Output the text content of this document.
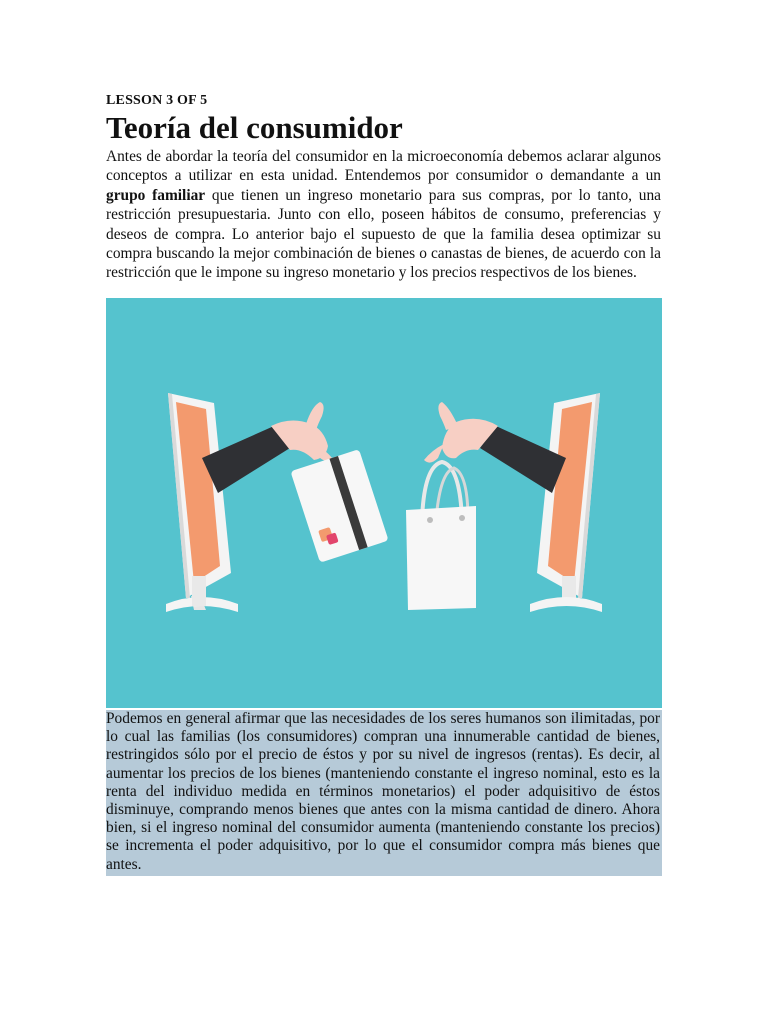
LESSON 3 OF 5
Teoría del consumidor

Antes de abordar la teoría del consumidor en la microeconomía debemos aclarar algunos conceptos a utilizar en esta unidad. Entendemos por consumidor o demandante a un grupo familiar que tienen un ingreso monetario para sus compras, por lo tanto, una restricción presupuestaria. Junto con ello, poseen hábitos de consumo, preferencias y deseos de compra. Lo anterior bajo el supuesto de que la familia desea optimizar su compra buscando la mejor combinación de bienes o canastas de bienes, de acuerdo con la restricción que le impone su ingreso monetario y los precios respectivos de los bienes.

Podemos en general afirmar que las necesidades de los seres humanos son ilimitadas, por lo cual las familias (los consumidores) compran una innumerable cantidad de bienes, restringidos sólo por el precio de éstos y por su nivel de ingresos (rentas). Es decir, al aumentar los precios de los bienes (manteniendo constante el ingreso nominal, esto es la renta del individuo medida en términos monetarios) el poder adquisitivo de éstos disminuye, comprando menos bienes que antes con la misma cantidad de dinero. Ahora bien, si el ingreso nominal del consumidor aumenta (manteniendo constante los precios) se incrementa el poder adquisitivo, por lo que el consumidor compra más bienes que antes.
